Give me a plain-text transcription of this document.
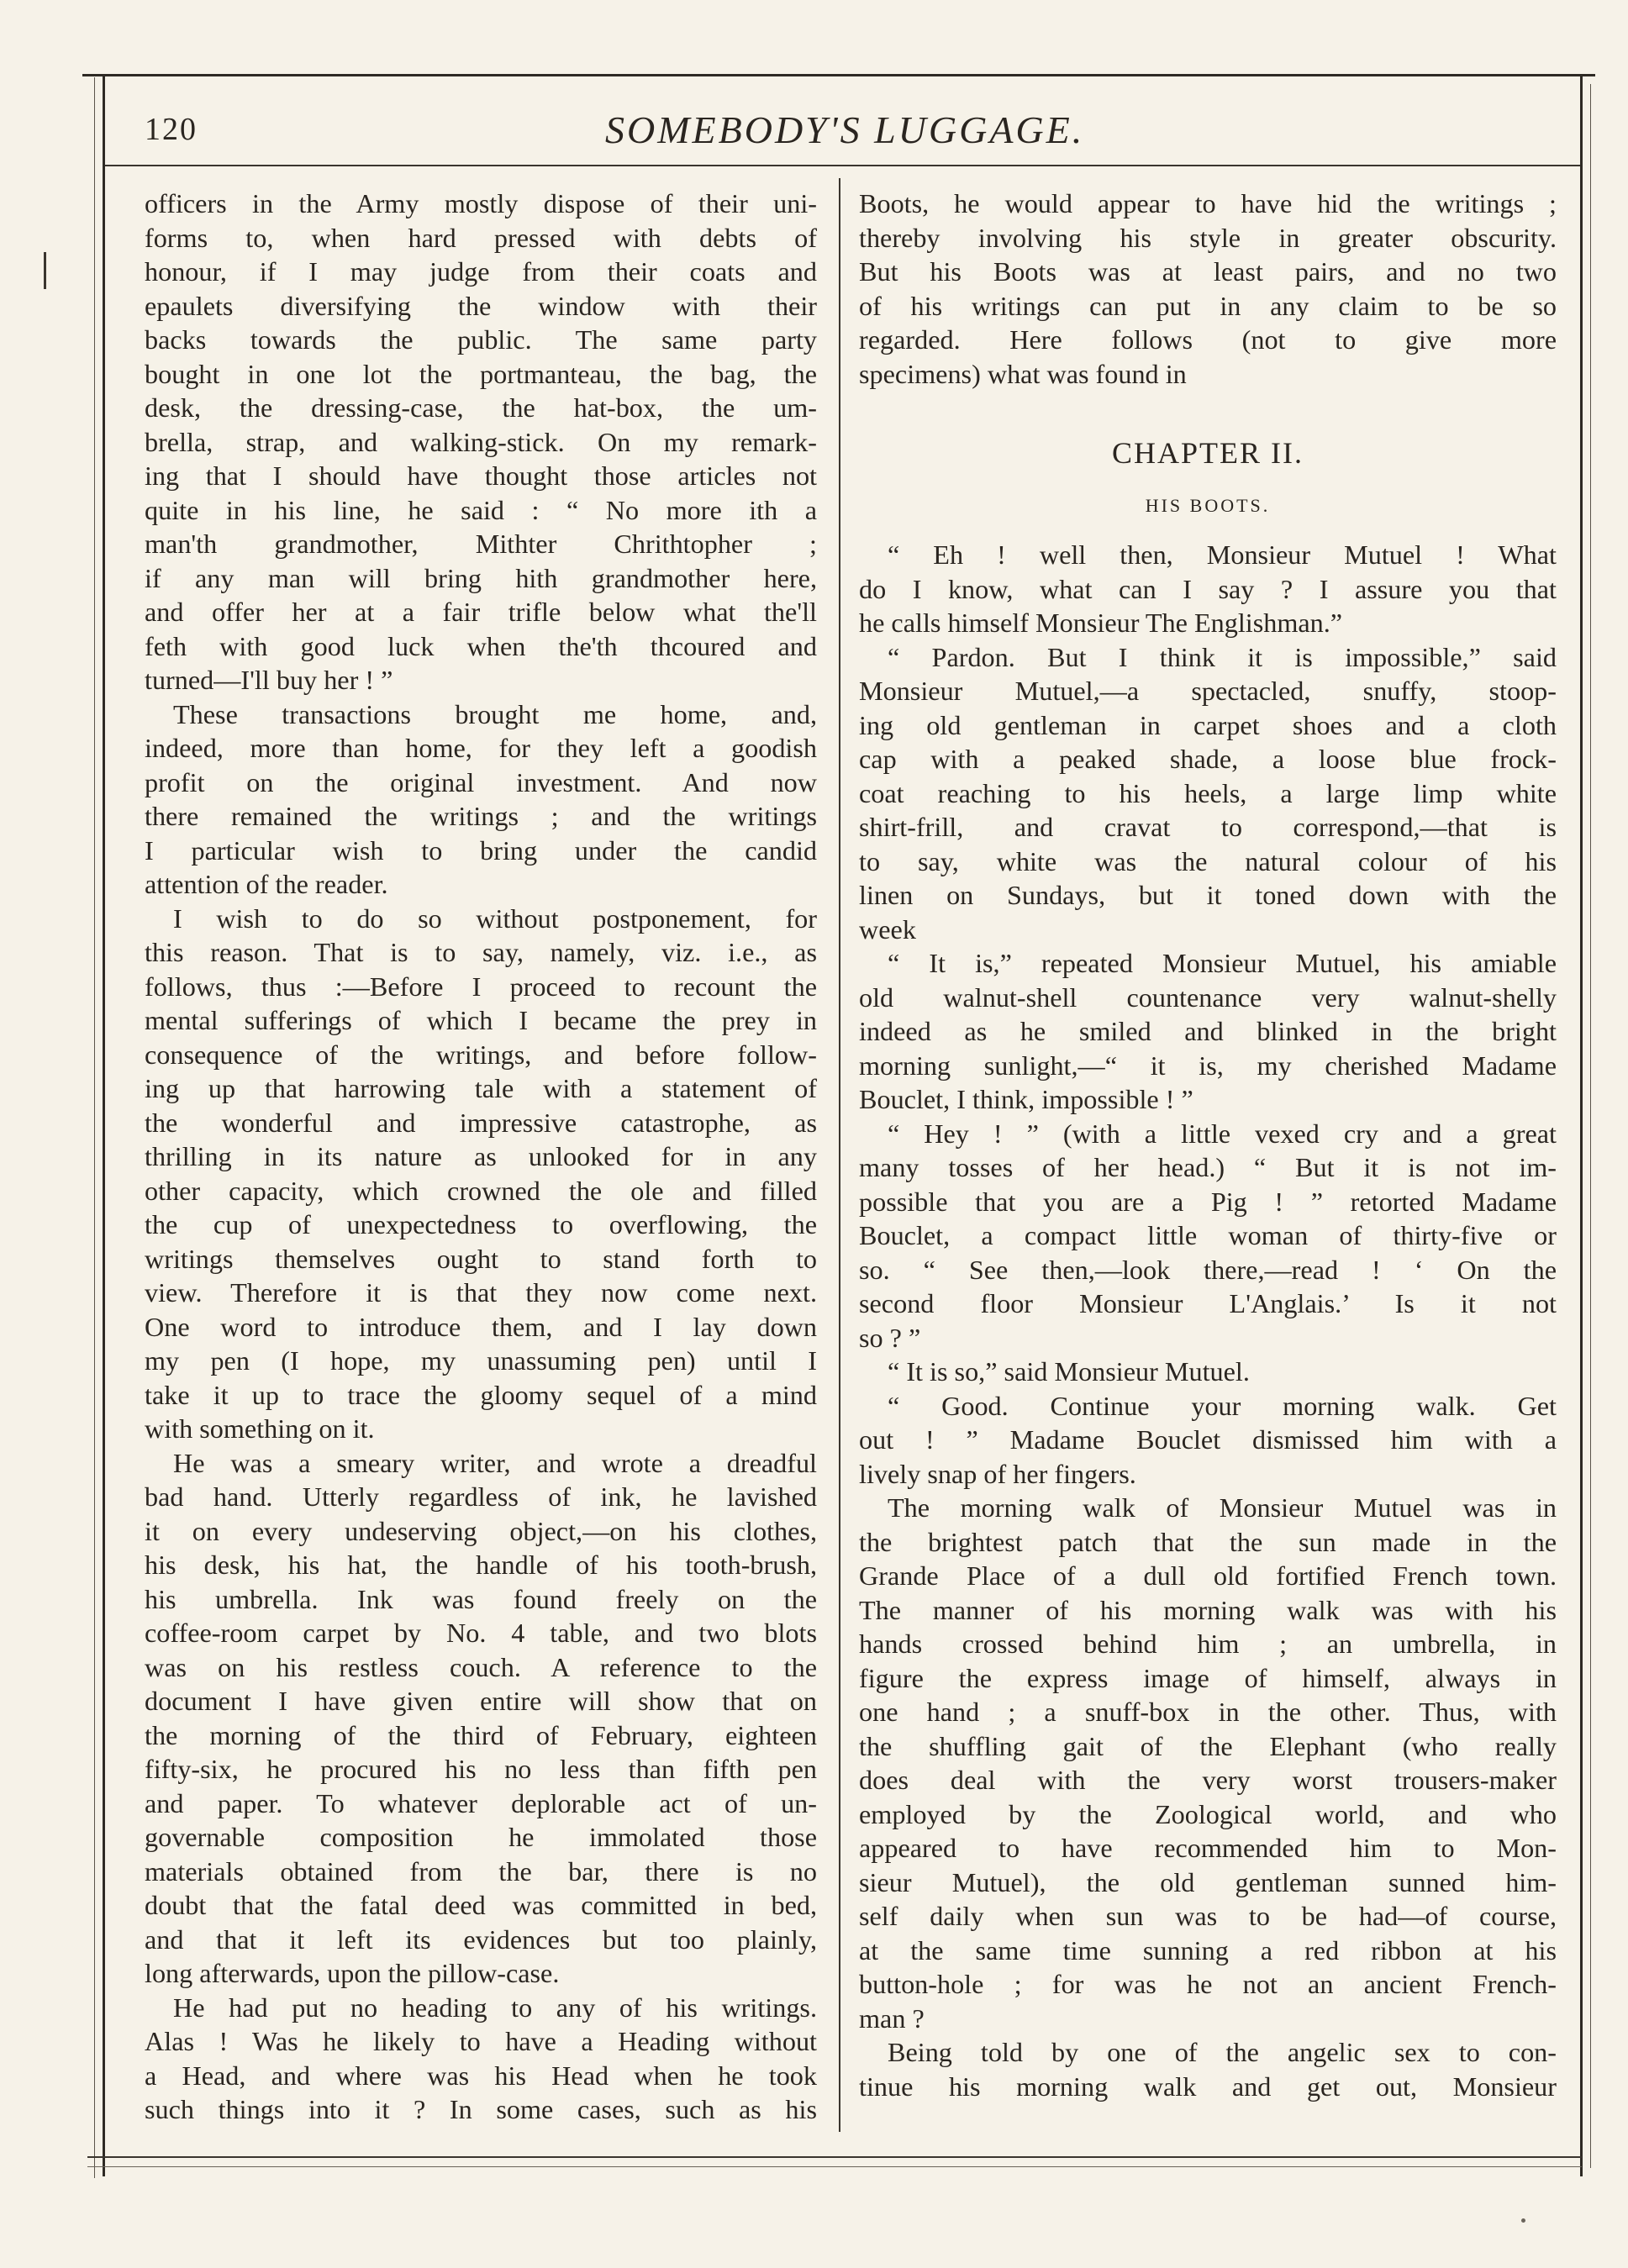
120	SOMEBODY'S LUGGAGE.

officers in the Army mostly dispose of their uni-

forms to, when hard pressed with debts of

honour, if I may judge from their coats and

epaulets diversifying the window with their

backs towards the public. The same party

bought in one lot the portmanteau, the bag, the

desk, the dressing-case, the hat-box, the um-

brella, strap, and walking-stick. On my remark-

ing that I should have thought those articles not

quite in his line, he said : “ No more ith a

man'th grandmother, Mithter Chrithtopher ;

if any man will bring hith grandmother here,

and offer her at a fair trifle below what the'll

feth with good luck when the'th thcoured and

turned—I'll buy her ! ”

These transactions brought me home, and,

indeed, more than home, for they left a goodish

profit on the original investment. And now

there remained the writings ; and the writings

I particular wish to bring under the candid

attention of the reader.

I wish to do so without postponement, for

this reason. That is to say, namely, viz. i.e., as

follows, thus :—Before I proceed to recount the

mental sufferings of which I became the prey in

consequence of the writings, and before follow-

ing up that harrowing tale with a statement of

the wonderful and impressive catastrophe, as

thrilling in its nature as unlooked for in any

other capacity, which crowned the ole and filled

the cup of unexpectedness to overflowing, the

writings themselves ought to stand forth to

view. Therefore it is that they now come next.

One word to introduce them, and I lay down

my pen (I hope, my unassuming pen) until I

take it up to trace the gloomy sequel of a mind

with something on it.

He was a smeary writer, and wrote a dreadful

bad hand. Utterly regardless of ink, he lavished

it on every undeserving object,—on his clothes,

his desk, his hat, the handle of his tooth-brush,

his umbrella. Ink was found freely on the

coffee-room carpet by No. 4 table, and two blots

was on his restless couch. A reference to the

document I have given entire will show that on

the morning of the third of February, eighteen

fifty-six, he procured his no less than fifth pen

and paper. To whatever deplorable act of un-

governable composition he immolated those

materials obtained from the bar, there is no

doubt that the fatal deed was committed in bed,

and that it left its evidences but too plainly,

long afterwards, upon the pillow-case.

He had put no heading to any of his writings.

Alas ! Was he likely to have a Heading without

a Head, and where was his Head when he took

such things into it ? In some cases, such as his

Boots, he would appear to have hid the writings ;

thereby involving his style in greater obscurity.

But his Boots was at least pairs, and no two

of his writings can put in any claim to be so

regarded. Here follows (not to give more

specimens) what was found in

CHAPTER II.
HIS BOOTS.

“ Eh ! well then, Monsieur Mutuel ! What

do I know, what can I say ? I assure you that

he calls himself Monsieur The Englishman.”

“ Pardon. But I think it is impossible,” said

Monsieur Mutuel,—a spectacled, snuffy, stoop-

ing old gentleman in carpet shoes and a cloth

cap with a peaked shade, a loose blue frock-

coat reaching to his heels, a large limp white

shirt-frill, and cravat to correspond,—that is

to say, white was the natural colour of his

linen on Sundays, but it toned down with the

week

“ It is,” repeated Monsieur Mutuel, his amiable

old walnut-shell countenance very walnut-shelly

indeed as he smiled and blinked in the bright

morning sunlight,—“ it is, my cherished Madame

Bouclet, I think, impossible ! ”

“ Hey ! ” (with a little vexed cry and a great

many tosses of her head.) “ But it is not im-

possible that you are a Pig ! ” retorted Madame

Bouclet, a compact little woman of thirty-five or

so. “ See then,—look there,—read ! ‘ On the

second floor Monsieur L'Anglais.’ Is it not

so ? ”

“ It is so,” said Monsieur Mutuel.

“ Good. Continue your morning walk. Get

out ! ” Madame Bouclet dismissed him with a

lively snap of her fingers.

The morning walk of Monsieur Mutuel was in

the brightest patch that the sun made in the

Grande Place of a dull old fortified French town.

The manner of his morning walk was with his

hands crossed behind him ; an umbrella, in

figure the express image of himself, always in

one hand ; a snuff-box in the other. Thus, with

the shuffling gait of the Elephant (who really

does deal with the very worst trousers-maker

employed by the Zoological world, and who

appeared to have recommended him to Mon-

sieur Mutuel), the old gentleman sunned him-

self daily when sun was to be had—of course,

at the same time sunning a red ribbon at his

button-hole ; for was he not an ancient French-

man ?

Being told by one of the angelic sex to con-

tinue his morning walk and get out, Monsieur
